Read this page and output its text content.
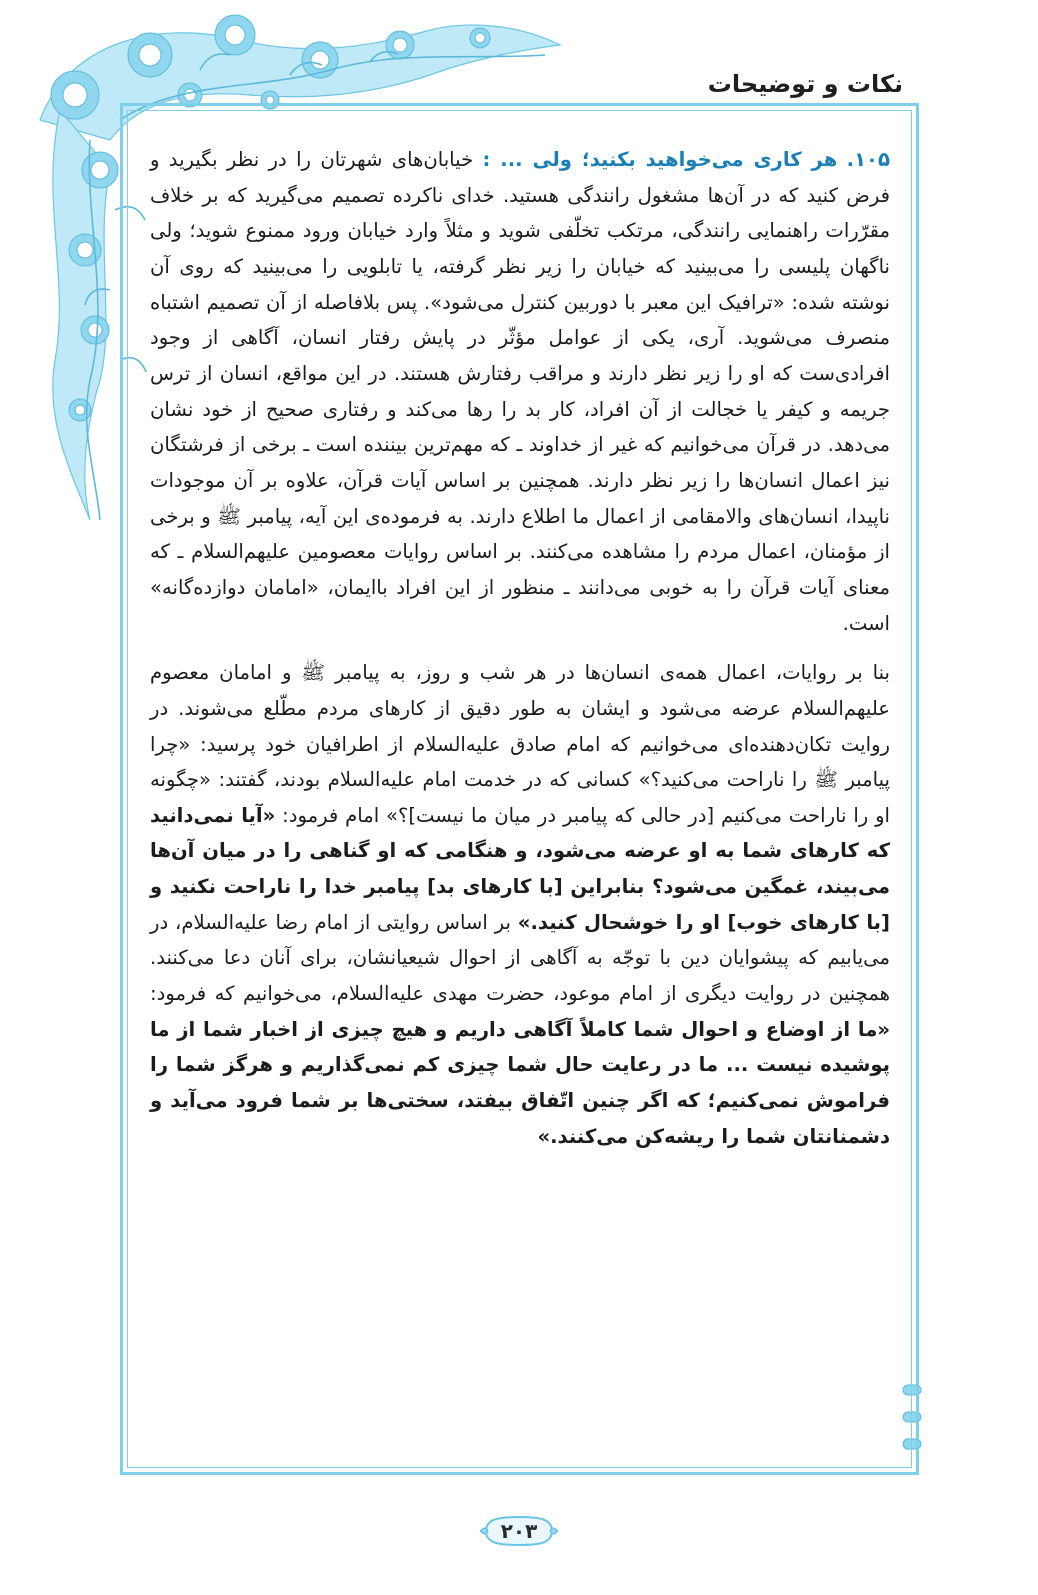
نکات و توضیحات

۱۰۵. هر کاری می‌خواهید بکنید؛ ولی ... : خیابان‌های شهرتان را در نظر بگیرید و فرض کنید که در آن‌ها مشغول رانندگی هستید. خدای ناکرده تصمیم می‌گیرید که بر خلاف مقرّرات راهنمایی رانندگی، مرتکب تخلّفی شوید و مثلاً وارد خیابان ورود ممنوع شوید؛ ولی ناگهان پلیسی را می‌بینید که خیابان را زیر نظر گرفته، یا تابلویی را می‌بینید که روی آن نوشته شده: «ترافیک این معبر با دوربین کنترل می‌شود». پس بلافاصله از آن تصمیم اشتباه منصرف می‌شوید. آری، یکی از عوامل مؤثّر در پایش رفتار انسان، آگاهی از وجود افرادی‌ست که او را زیر نظر دارند و مراقب رفتارش هستند. در این مواقع، انسان از ترس جریمه و کیفر یا خجالت از آن افراد، کار بد را رها می‌کند و رفتاری صحیح از خود نشان می‌دهد. در قرآن می‌خوانیم که غیر از خداوند ـ که مهم‌ترین بیننده است ـ برخی از فرشتگان نیز اعمال انسان‌ها را زیر نظر دارند. همچنین بر اساس آیات قرآن، علاوه بر آن موجودات ناپیدا، انسان‌های والامقامی از اعمال ما اطلاع دارند. به فرموده‌ی این آیه، پیامبر ﷺ و برخی از مؤمنان، اعمال مردم را مشاهده می‌کنند. بر اساس روایات معصومین علیهم‌السلام ـ که معنای آیات قرآن را به خوبی می‌دانند ـ منظور از این افراد باایمان، «امامان دوازده‌گانه» است.

بنا بر روایات، اعمال همه‌ی انسان‌ها در هر شب و روز، به پیامبر ﷺ و امامان معصوم علیهم‌السلام عرضه می‌شود و ایشان به طور دقیق از کارهای مردم مطّلع می‌شوند. در روایت تکان‌دهنده‌ای می‌خوانیم که امام صادق علیه‌السلام از اطرافیان خود پرسید: «چرا پیامبر ﷺ را ناراحت می‌کنید؟» کسانی که در خدمت امام علیه‌السلام بودند، گفتند: «چگونه او را ناراحت می‌کنیم [در حالی که پیامبر در میان ما نیست]؟» امام فرمود: «آیا نمی‌دانید که کارهای شما به او عرضه می‌شود، و هنگامی که او گناهی را در میان آن‌ها می‌بیند، غمگین می‌شود؟ بنابراین [با کارهای بد] پیامبر خدا را ناراحت نکنید و [با کارهای خوب] او را خوشحال کنید.» بر اساس روایتی از امام رضا علیه‌السلام، در می‌یابیم که پیشوایان دین با توجّه به آگاهی از احوال شیعیانشان، برای آنان دعا می‌کنند. همچنین در روایت دیگری از امام موعود، حضرت مهدی علیه‌السلام، می‌خوانیم که فرمود: «ما از اوضاع و احوال شما کاملاً آگاهی داریم و هیچ چیزی از اخبار شما از ما پوشیده نیست ... ما در رعایت حال شما چیزی کم نمی‌گذاریم و هرگز شما را فراموش نمی‌کنیم؛ که اگر چنین اتّفاق بیفتد، سختی‌ها بر شما فرود می‌آید و دشمنانتان شما را ریشه‌کن می‌کنند.»

۲۰۳
